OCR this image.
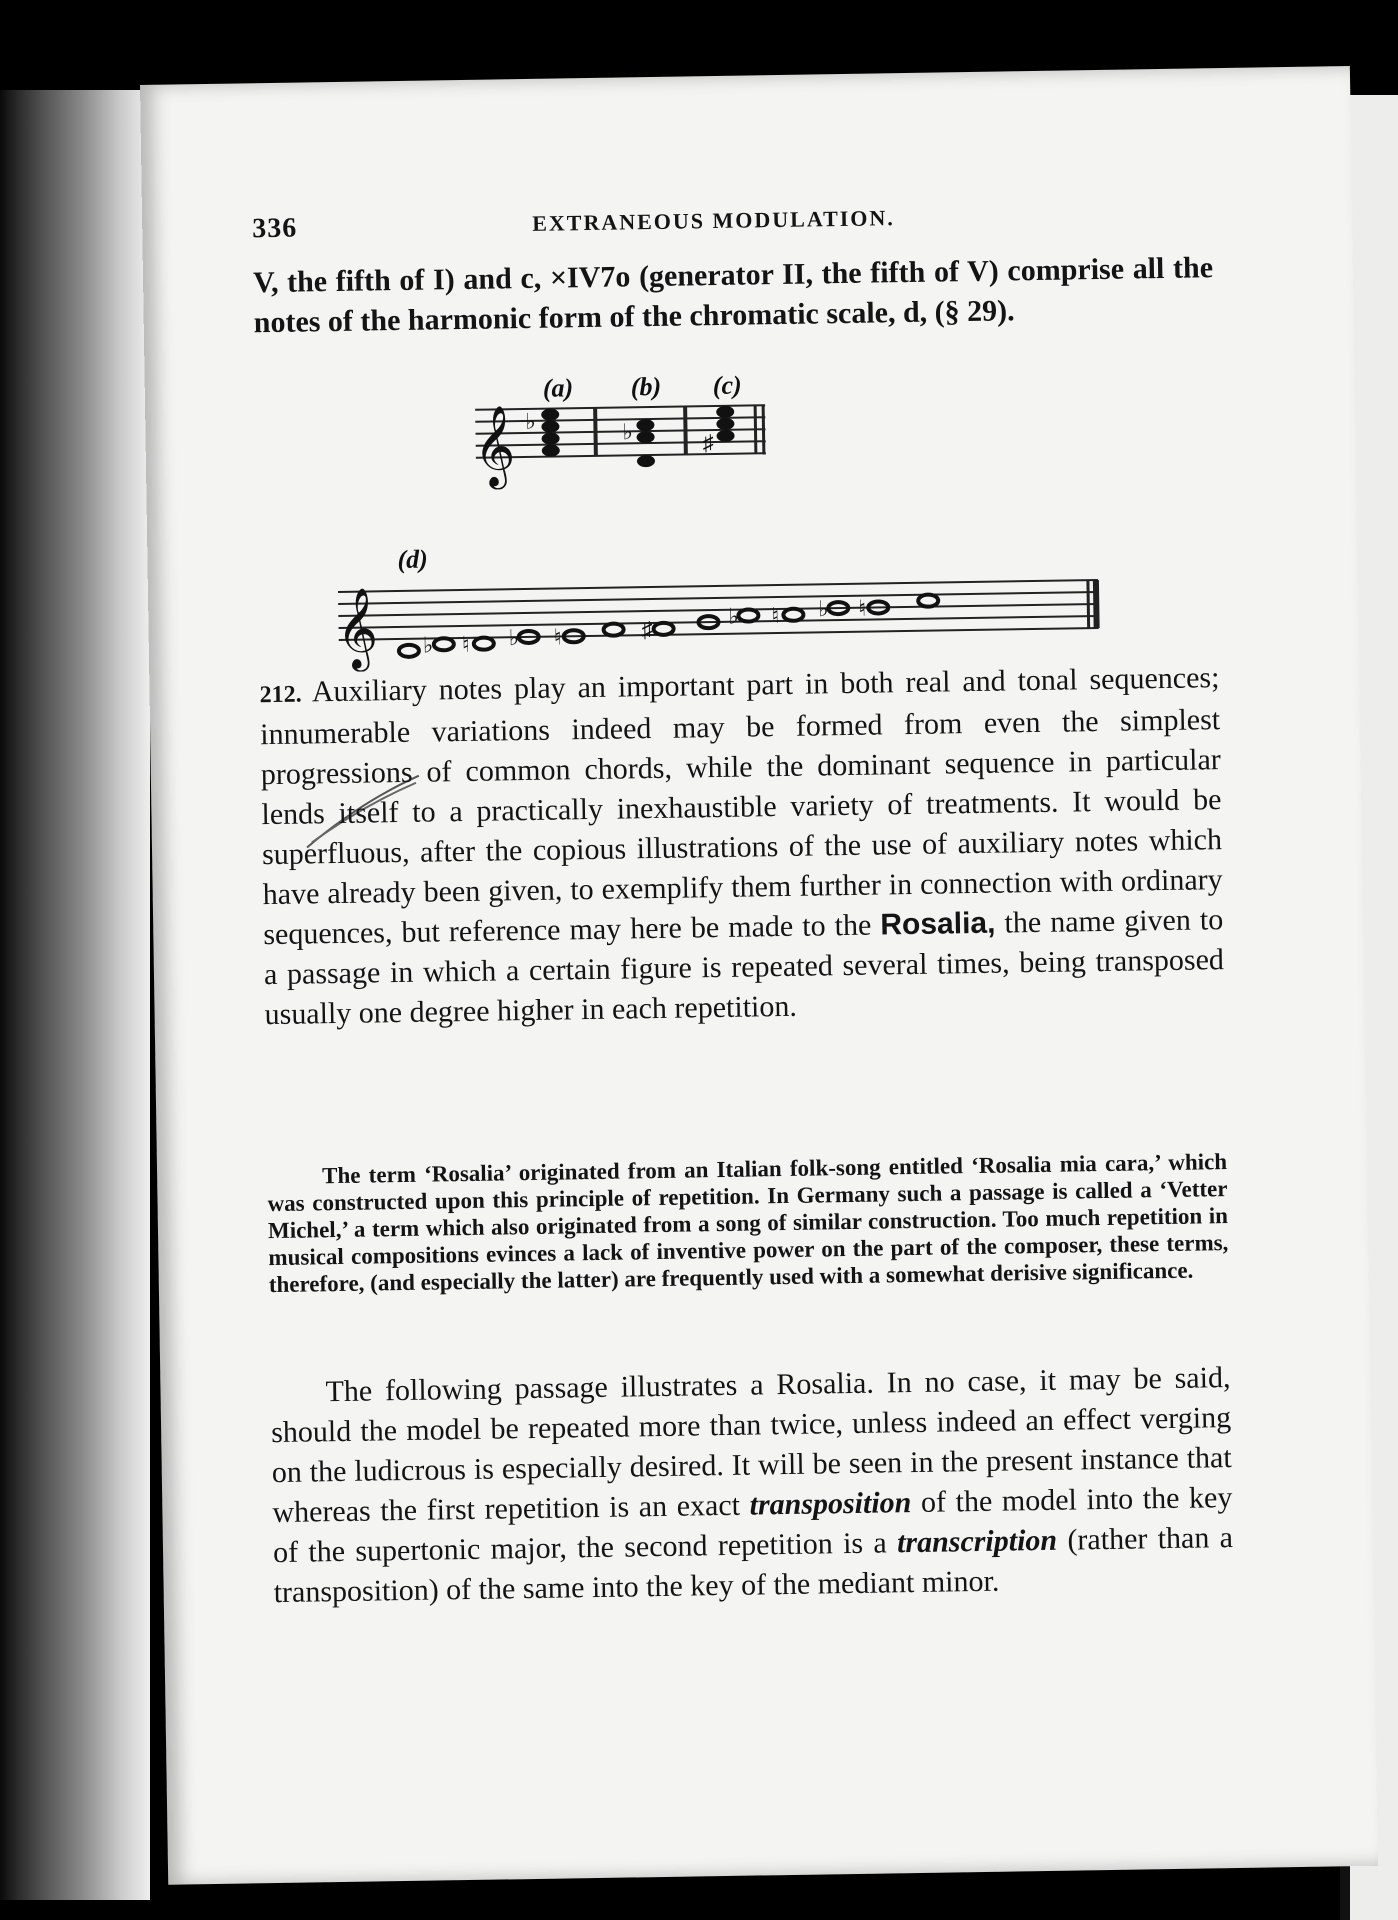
336	EXTRANEOUS MODULATION.

V, the fifth of I) and c, ×IV7o (generator II, the fifth of V) comprise all the notes of the harmonic form of the chromatic scale, d, (§ 29).

𝄞 ♭	♭	♯
(a) (b) (c)
𝄞 ♭ ♮ ♭ ♮	♯
♭ ♮ ♭ ♮
(d)

212. Auxiliary notes play an important part in both real and tonal sequences; innumerable variations indeed may be formed from even the simplest progressions of common chords, while the dominant sequence in particular lends itself to a practically inexhaustible variety of treatments. It would be superfluous, after the copious illustrations of the use of auxiliary notes which have already been given, to exemplify them further in connection with ordinary sequences, but reference may here be made to the Rosalia, the name given to a passage in which a certain figure is repeated several times, being transposed usually one degree higher in each repetition.

The term ‘Rosalia’ originated from an Italian folk-song entitled ‘Rosalia mia cara,’ which was constructed upon this principle of repetition. In Germany such a passage is called a ‘Vetter Michel,’ a term which also originated from a song of similar construction. Too much repetition in musical compositions evinces a lack of inventive power on the part of the composer, these terms, therefore, (and especially the latter) are frequently used with a somewhat derisive significance.

The following passage illustrates a Rosalia. In no case, it may be said, should the model be repeated more than twice, unless indeed an effect verging on the ludicrous is especially desired. It will be seen in the present instance that whereas the first repetition is an exact transposition of the model into the key of the supertonic major, the second repetition is a transcription (rather than a transposition) of the same into the key of the mediant minor.
